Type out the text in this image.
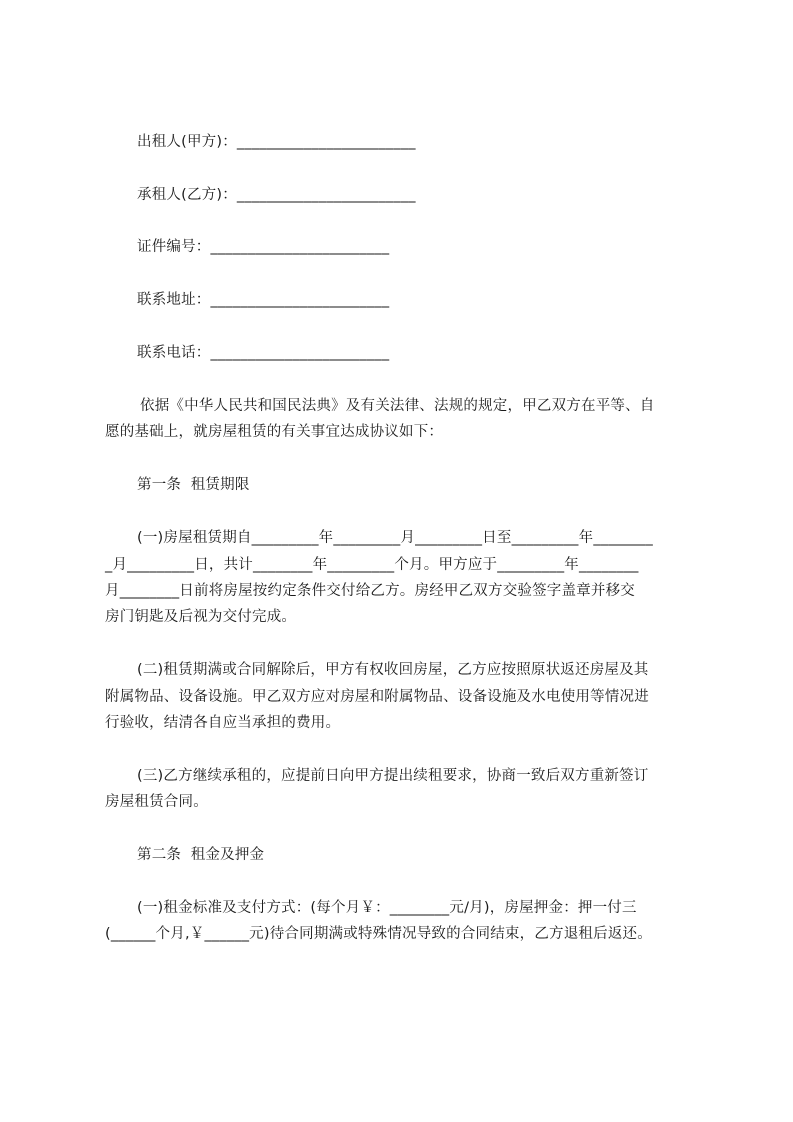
出租人(甲方)：________________________
承租人(乙方)：________________________
证件编号：________________________
联系地址：________________________
联系电话：________________________
依据《中华人民共和国民法典》及有关法律、法规的规定，甲乙双方在平等、自
愿的基础上，就房屋租赁的有关事宜达成协议如下：
第一条  租赁期限
(一)房屋租赁期自_________年_________月_________日至_________年________
_月_________日，共计________年_________个月。甲方应于_________年________
月________日前将房屋按约定条件交付给乙方。房经甲乙双方交验签字盖章并移交
房门钥匙及后视为交付完成。
(二)租赁期满或合同解除后，甲方有权收回房屋，乙方应按照原状返还房屋及其
附属物品、设备设施。甲乙双方应对房屋和附属物品、设备设施及水电使用等情况进
行验收，结清各自应当承担的费用。
(三)乙方继续承租的，应提前日向甲方提出续租要求，协商一致后双方重新签订
房屋租赁合同。
第二条  租金及押金
(一)租金标准及支付方式：(每个月￥：________元/月)，房屋押金：押一付三
(______个月,￥______元)待合同期满或特殊情况导致的合同结束，乙方退租后返还。
